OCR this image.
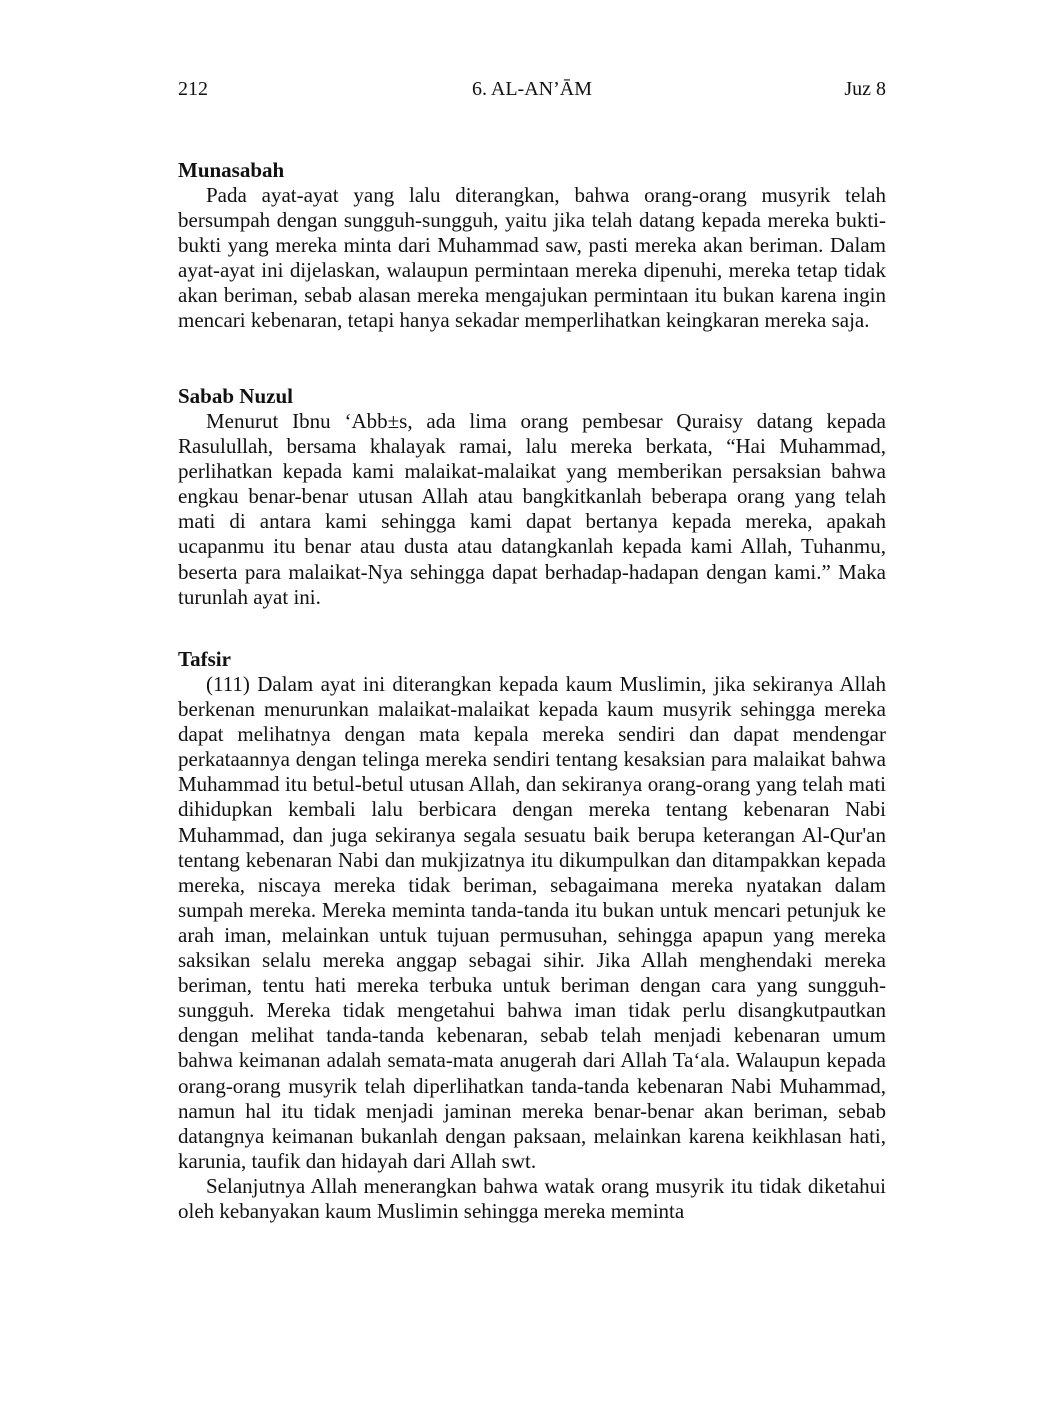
212	6. AL-AN’ĀM	Juz 8
Munasabah

Pada ayat-ayat yang lalu diterangkan, bahwa orang-orang musyrik telah bersumpah dengan sungguh-sungguh, yaitu jika telah datang kepada mereka bukti-bukti yang mereka minta dari Muhammad saw, pasti mereka akan beriman. Dalam ayat-ayat ini dijelaskan, walaupun permintaan mereka dipenuhi, mereka tetap tidak akan beriman, sebab alasan mereka mengajukan permintaan itu bukan karena ingin mencari kebenaran, tetapi hanya sekadar memperlihatkan keingkaran mereka saja.

Sabab Nuzul

Menurut Ibnu ‘Abb±s, ada lima orang pembesar Quraisy datang kepada Rasulullah, bersama khalayak ramai, lalu mereka berkata, “Hai Muhammad, perlihatkan kepada kami malaikat-malaikat yang memberikan persaksian bahwa engkau benar-benar utusan Allah atau bangkitkanlah beberapa orang yang telah mati di antara kami sehingga kami dapat bertanya kepada mereka, apakah ucapanmu itu benar atau dusta atau datangkanlah kepada kami Allah, Tuhanmu, beserta para malaikat-Nya sehingga dapat berhadap-hadapan dengan kami.” Maka turunlah ayat ini.

Tafsir

(111) Dalam ayat ini diterangkan kepada kaum Muslimin, jika sekiranya Allah berkenan menurunkan malaikat-malaikat kepada kaum musyrik sehingga mereka dapat melihatnya dengan mata kepala mereka sendiri dan dapat mendengar perkataannya dengan telinga mereka sendiri tentang kesaksian para malaikat bahwa Muhammad itu betul-betul utusan Allah, dan sekiranya orang-orang yang telah mati dihidupkan kembali lalu berbicara dengan mereka tentang kebenaran Nabi Muhammad, dan juga sekiranya segala sesuatu baik berupa keterangan Al-Qur'an tentang kebenaran Nabi dan mukjizatnya itu dikumpulkan dan ditampakkan kepada mereka, niscaya mereka tidak beriman, sebagaimana mereka nyatakan dalam sumpah mereka. Mereka meminta tanda-tanda itu bukan untuk mencari petunjuk ke arah iman, melainkan untuk tujuan permusuhan, sehingga apapun yang mereka saksikan selalu mereka anggap sebagai sihir. Jika Allah menghendaki mereka beriman, tentu hati mereka terbuka untuk beriman dengan cara yang sungguh-sungguh. Mereka tidak mengetahui bahwa iman tidak perlu disangkutpautkan dengan melihat tanda-tanda kebenaran, sebab telah menjadi kebenaran umum bahwa keimanan adalah semata-mata anugerah dari Allah Ta‘ala. Walaupun kepada orang-orang musyrik telah diperlihatkan tanda-tanda kebenaran Nabi Muhammad, namun hal itu tidak menjadi jaminan mereka benar-benar akan beriman, sebab datangnya keimanan bukanlah dengan paksaan, melainkan karena keikhlasan hati, karunia, taufik dan hidayah dari Allah swt.

Selanjutnya Allah menerangkan bahwa watak orang musyrik itu tidak diketahui oleh kebanyakan kaum Muslimin sehingga mereka meminta
